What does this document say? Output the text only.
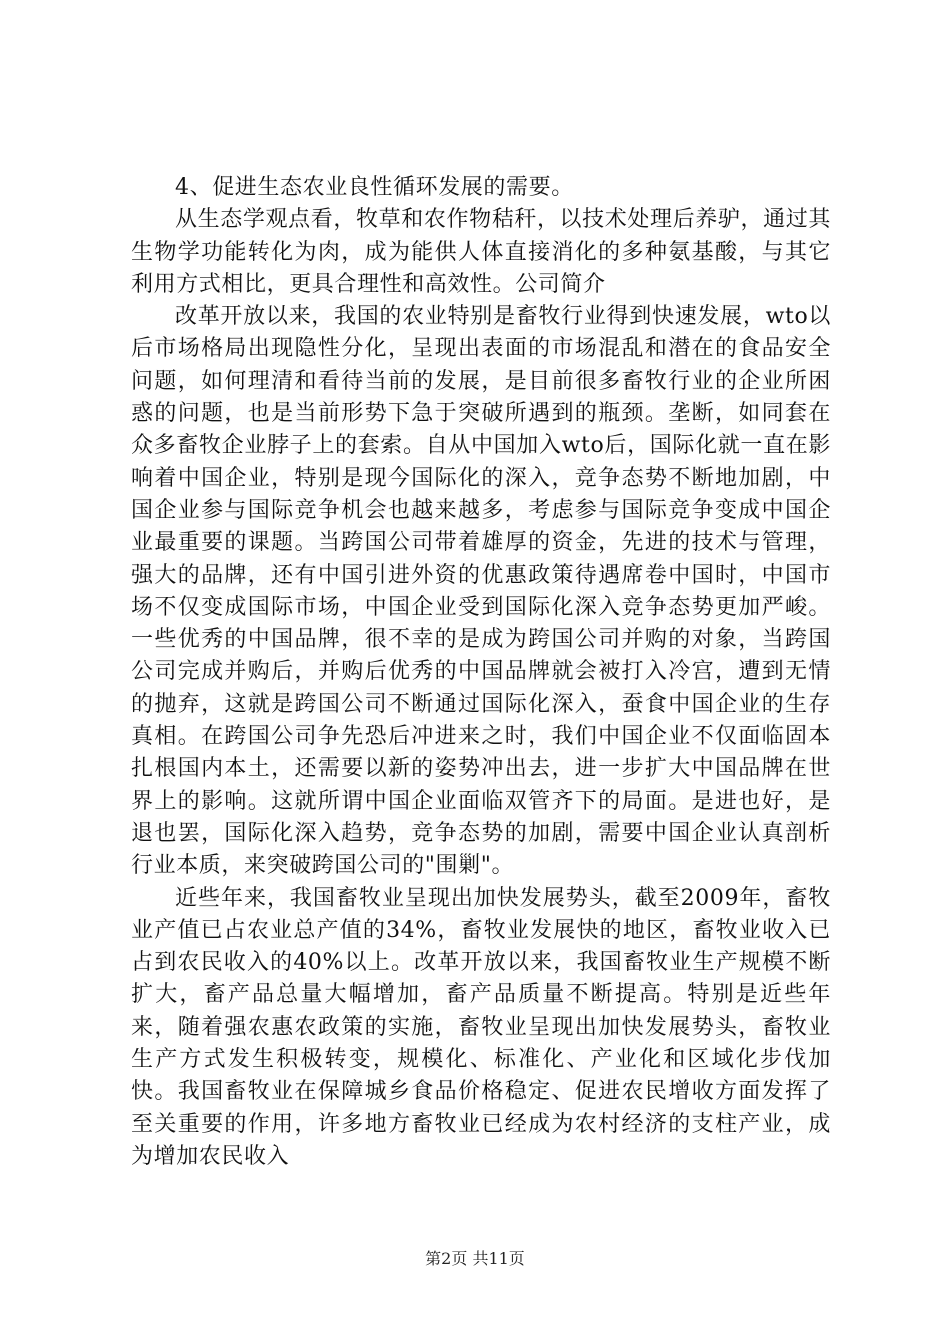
4、促进生态农业良性循环发展的需要。

从生态学观点看，牧草和农作物秸秆，以技术处理后养驴，通过其生物学功能转化为肉，成为能供人体直接消化的多种氨基酸，与其它利用方式相比，更具合理性和高效性。公司简介

改革开放以来，我国的农业特别是畜牧行业得到快速发展，wto以后市场格局出现隐性分化，呈现出表面的市场混乱和潜在的食品安全问题，如何理清和看待当前的发展，是目前很多畜牧行业的企业所困惑的问题，也是当前形势下急于突破所遇到的瓶颈。垄断，如同套在众多畜牧企业脖子上的套索。自从中国加入wto后，国际化就一直在影响着中国企业，特别是现今国际化的深入，竞争态势不断地加剧，中国企业参与国际竞争机会也越来越多，考虑参与国际竞争变成中国企业最重要的课题。当跨国公司带着雄厚的资金，先进的技术与管理，强大的品牌，还有中国引进外资的优惠政策待遇席卷中国时，中国市场不仅变成国际市场，中国企业受到国际化深入竞争态势更加严峻。一些优秀的中国品牌，很不幸的是成为跨国公司并购的对象，当跨国公司完成并购后，并购后优秀的中国品牌就会被打入冷宫，遭到无情的抛弃，这就是跨国公司不断通过国际化深入，蚕食中国企业的生存真相。在跨国公司争先恐后冲进来之时，我们中国企业不仅面临固本扎根国内本土，还需要以新的姿势冲出去，进一步扩大中国品牌在世界上的影响。这就所谓中国企业面临双管齐下的局面。是进也好，是退也罢，国际化深入趋势，竞争态势的加剧，需要中国企业认真剖析行业本质，来突破跨国公司的"围剿"。

近些年来，我国畜牧业呈现出加快发展势头，截至2009年，畜牧业产值已占农业总产值的34%，畜牧业发展快的地区，畜牧业收入已占到农民收入的40%以上。改革开放以来，我国畜牧业生产规模不断扩大，畜产品总量大幅增加，畜产品质量不断提高。特别是近些年来，随着强农惠农政策的实施，畜牧业呈现出加快发展势头，畜牧业生产方式发生积极转变，规模化、标准化、产业化和区域化步伐加快。我国畜牧业在保障城乡食品价格稳定、促进农民增收方面发挥了至关重要的作用，许多地方畜牧业已经成为农村经济的支柱产业，成为增加农民收入

第2页 共11页
